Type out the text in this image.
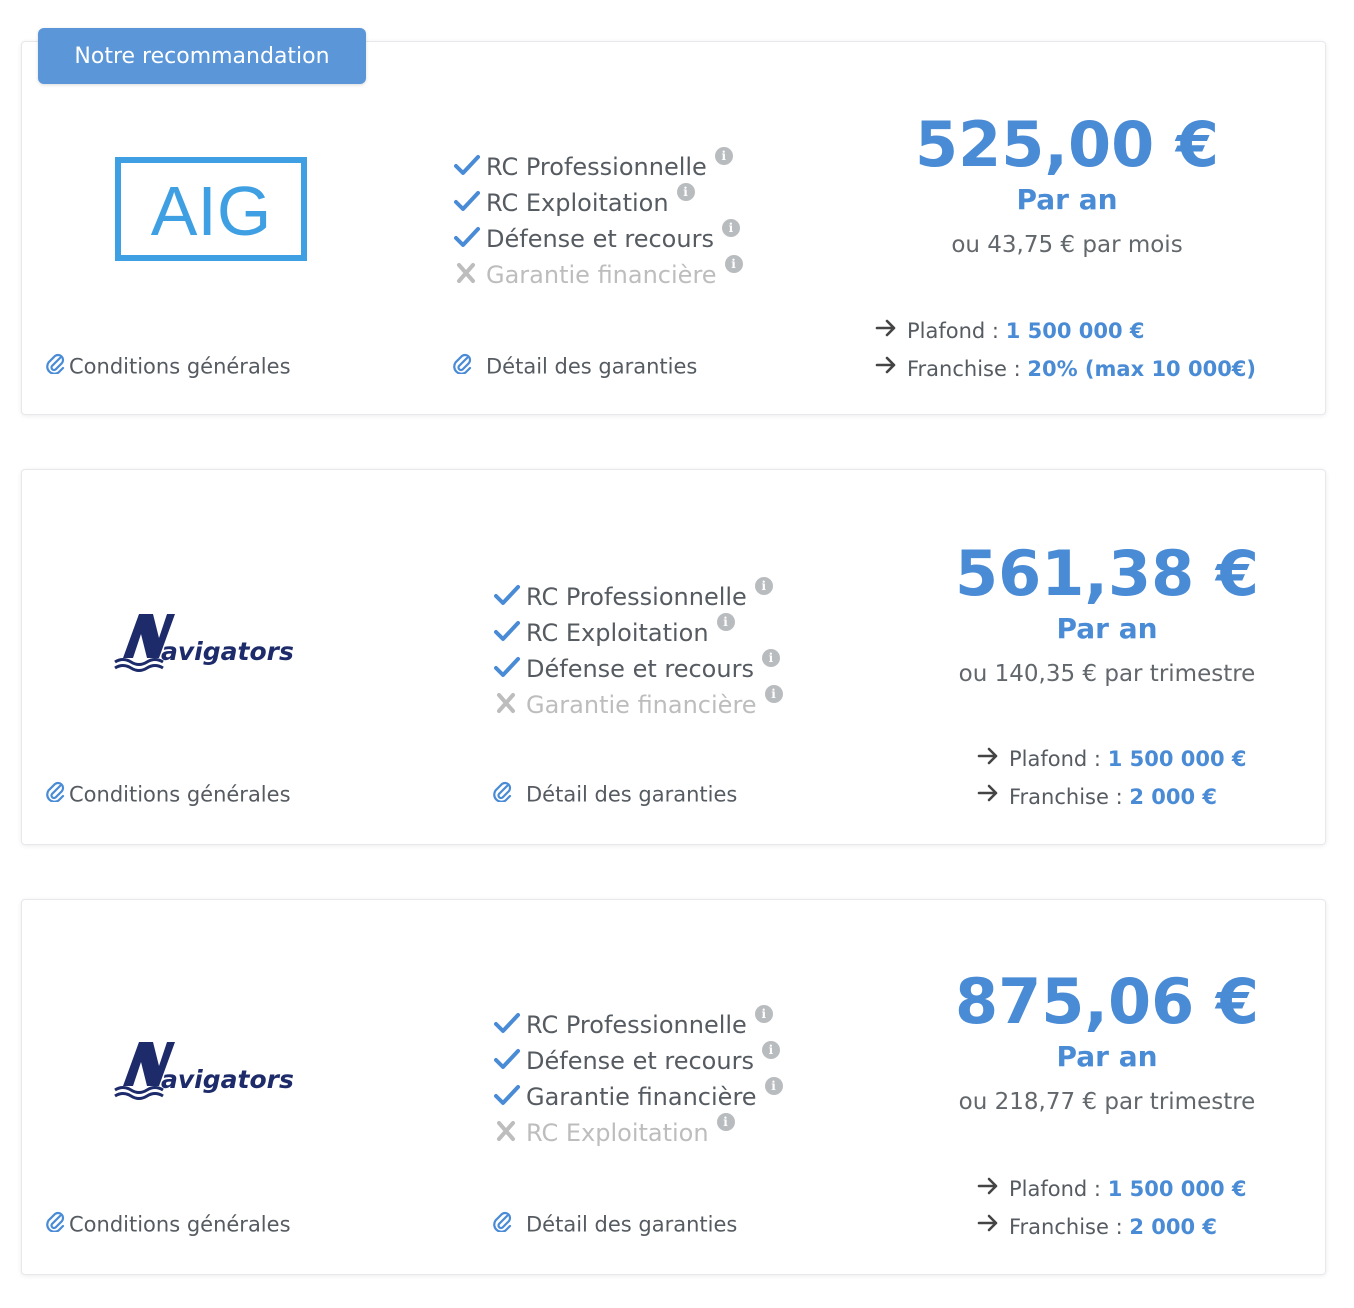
Notre recommandation
AIG
RC Professionnelle i
RC Exploitation i
Défense et recours i
Garantie financière i
525,00 €
Par an
ou 43,75 € par mois
Plafond : 1 500 000 €
Franchise : 20% (max 10 000€)
Conditions générales	Détail des garanties
avigators
RC Professionnelle i
RC Exploitation i
Défense et recours i
Garantie financière i
561,38 €
Par an
ou 140,35 € par trimestre
Plafond : 1 500 000 €
Franchise : 2 000 €
Conditions générales	Détail des garanties
avigators
RC Professionnelle i
Défense et recours i
Garantie financière i
RC Exploitation i
875,06 €
Par an
ou 218,77 € par trimestre
Plafond : 1 500 000 €
Franchise : 2 000 €
Conditions générales	Détail des garanties
